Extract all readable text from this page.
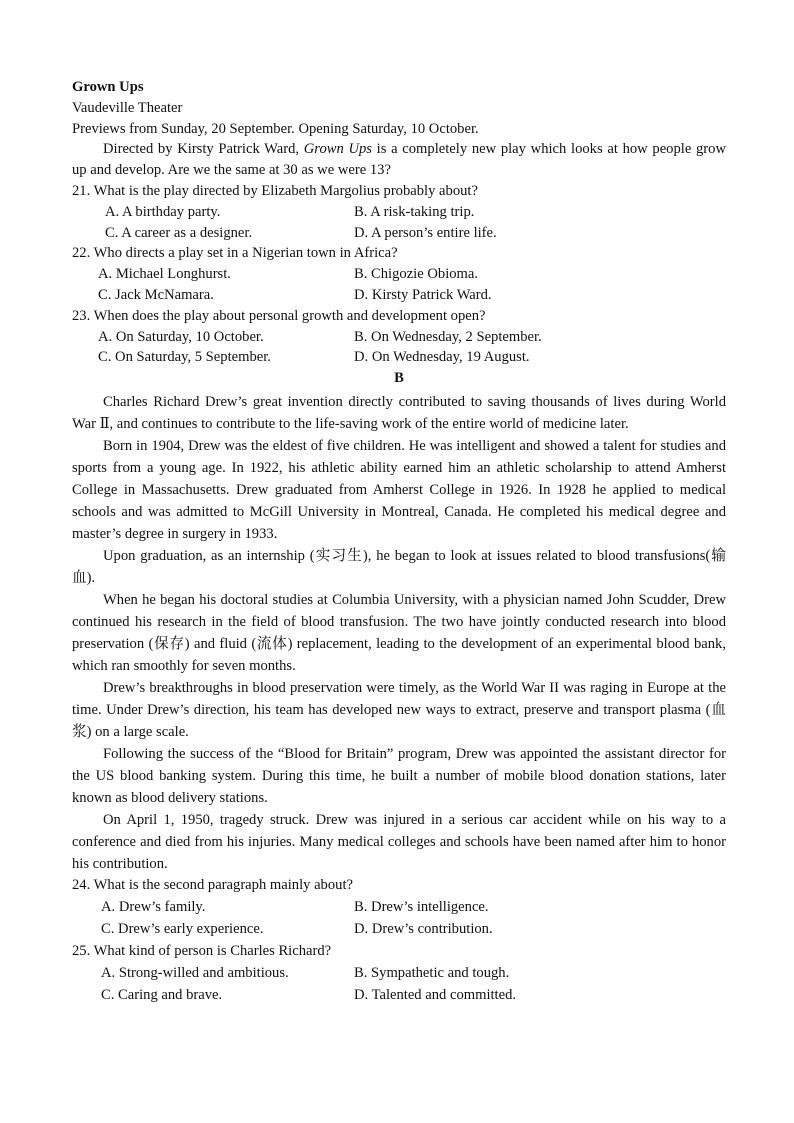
Grown Ups
Vaudeville Theater
Previews from Sunday, 20 September. Opening Saturday, 10 October.

Directed by Kirsty Patrick Ward, Grown Ups is a completely new play which looks at how people grow up and develop. Are we the same at 30 as we were 13?

21. What is the play directed by Elizabeth Margolius probably about?
A. A birthday party.	B. A risk-taking trip.
C. A career as a designer.	D. A person’s entire life.
22. Who directs a play set in a Nigerian town in Africa?
A. Michael Longhurst.	B. Chigozie Obioma.
C. Jack McNamara.	D. Kirsty Patrick Ward.
23. When does the play about personal growth and development open?
A. On Saturday, 10 October.	B. On Wednesday, 2 September.
C. On Saturday, 5 September.	D. On Wednesday, 19 August.
B

Charles Richard Drew’s great invention directly contributed to saving thousands of lives during World War Ⅱ, and continues to contribute to the life-saving work of the entire world of medicine later.

Born in 1904, Drew was the eldest of five children. He was intelligent and showed a talent for studies and sports from a young age. In 1922, his athletic ability earned him an athletic scholarship to attend Amherst College in Massachusetts. Drew graduated from Amherst College in 1926. In 1928 he applied to medical schools and was admitted to McGill University in Montreal, Canada. He completed his medical degree and master’s degree in surgery in 1933.

Upon graduation, as an internship (实习生), he began to look at issues related to blood transfusions(输血).

When he began his doctoral studies at Columbia University, with a physician named John Scudder, Drew continued his research in the field of blood transfusion. The two have jointly conducted research into blood preservation (保存) and fluid (流体) replacement, leading to the development of an experimental blood bank, which ran smoothly for seven months.

Drew’s breakthroughs in blood preservation were timely, as the World War II was raging in Europe at the time. Under Drew’s direction, his team has developed new ways to extract, preserve and transport plasma (血浆) on a large scale.

Following the success of the “Blood for Britain” program, Drew was appointed the assistant director for the US blood banking system. During this time, he built a number of mobile blood donation stations, later known as blood delivery stations.

On April 1, 1950, tragedy struck. Drew was injured in a serious car accident while on his way to a conference and died from his injuries. Many medical colleges and schools have been named after him to honor his contribution.

24. What is the second paragraph mainly about?
A. Drew’s family.	B. Drew’s intelligence.
C. Drew’s early experience.	D. Drew’s contribution.
25. What kind of person is Charles Richard?
A. Strong-willed and ambitious.	B. Sympathetic and tough.
C. Caring and brave.	D. Talented and committed.
